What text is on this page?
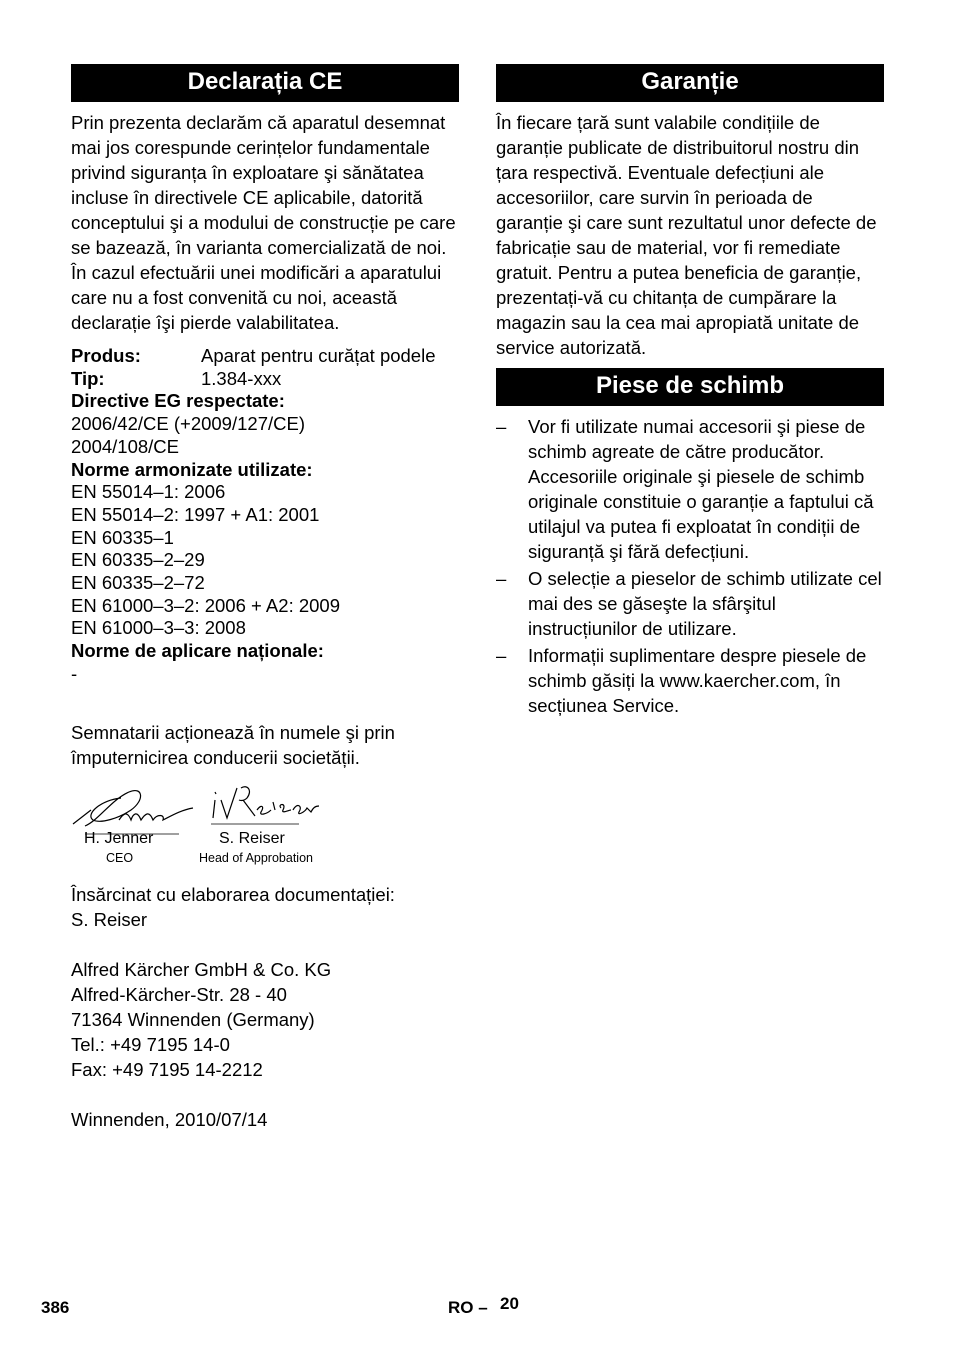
Declarația CE

Prin prezenta declarăm că aparatul desemnat mai jos corespunde cerințelor fundamentale privind siguranța în exploatare şi sănătatea incluse în directivele CE aplicabile, datorită conceptului şi a modului de construcție pe care se bazează, în varianta comercializată de noi. În cazul efectuării unei modificări a aparatului care nu a fost convenită cu noi, această declarație îşi pierde valabilitatea.

Produs:	Aparat pentru curățat podele
Tip:	1.384-xxx
Directive EG respectate:
2006/42/CE (+2009/127/CE)
2004/108/CE
Norme armonizate utilizate:
EN 55014–1: 2006
EN 55014–2: 1997 + A1: 2001
EN 60335–1
EN 60335–2–29
EN 60335–2–72
EN 61000–3–2: 2006 + A2: 2009
EN 61000–3–3: 2008
Norme de aplicare naționale:
-

Semnatarii acționează în numele şi prin împuternicirea conducerii societății.

H. Jenner
CEO
S. Reiser
Head of Approbation

Însărcinat cu elaborarea documentației:

S. Reiser

Alfred Kärcher GmbH & Co. KG
Alfred-Kärcher-Str. 28 - 40
71364 Winnenden (Germany)
Tel.: +49 7195 14-0
Fax: +49 7195 14-2212

Winnenden, 2010/07/14

Garanție

În fiecare țară sunt valabile condițiile de garanție publicate de distribuitorul nostru din țara respectivă. Eventuale defecțiuni ale accesoriilor, care survin în perioada de garanție şi care sunt rezultatul unor defecte de fabricație sau de material, vor fi remediate gratuit. Pentru a putea beneficia de garanție, prezentați-vă cu chitanța de cumpărare la magazin sau la cea mai apropiată unitate de service autorizată.

Piese de schimb
– Vor fi utilizate numai accesorii şi piese de schimb agreate de către producător. Accesoriile originale şi piesele de schimb originale constituie o garanție a faptului că utilajul va putea fi exploatat în condiții de siguranță şi fără defecțiuni.
– O selecție a pieselor de schimb utilizate cel mai des se găseşte la sfârşitul instrucțiunilor de utilizare.
– Informații suplimentare despre piesele de schimb găsiți la www.kaercher.com, în secțiunea Service.
386	RO – 20
